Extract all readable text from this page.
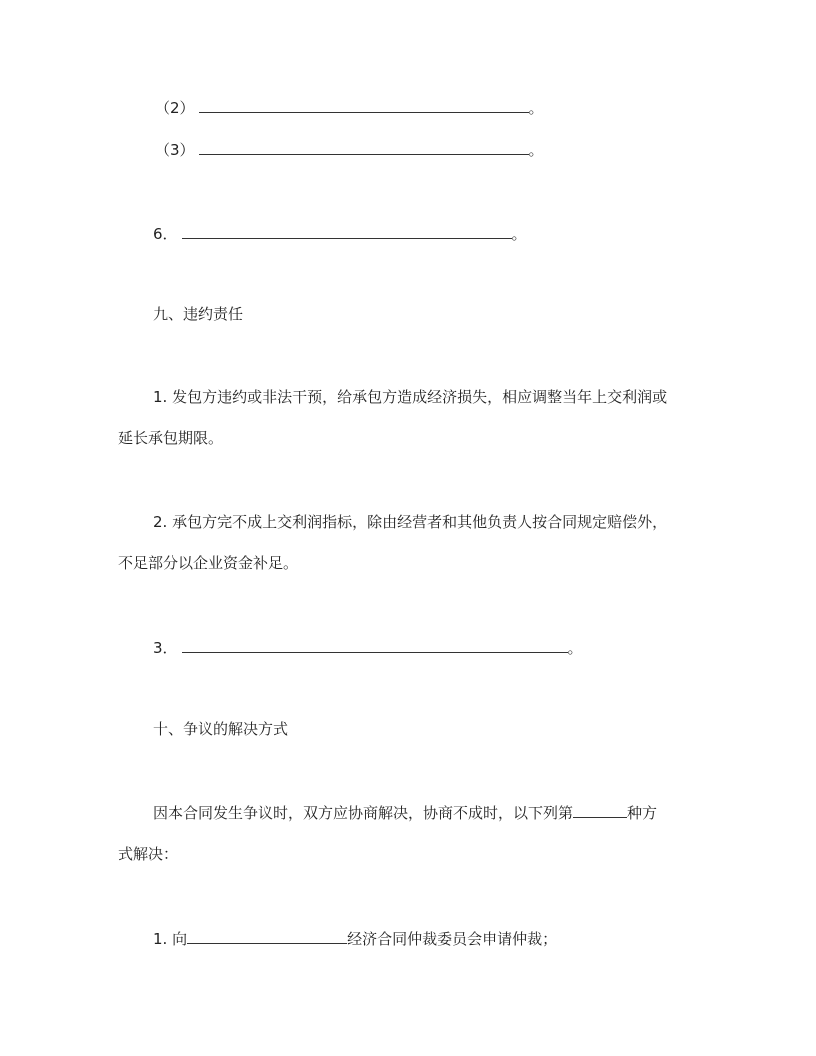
（2）	。
（3）	。
6．	。
九、违约责任
1. 发包方违约或非法干预，给承包方造成经济损失，相应调整当年上交利润或
延长承包期限。
2. 承包方完不成上交利润指标，除由经营者和其他负责人按合同规定赔偿外，
不足部分以企业资金补足。
3．	。
十、争议的解决方式
因本合同发生争议时，双方应协商解决，协商不成时，以下列第	种方
式解决：
1. 向	经济合同仲裁委员会申请仲裁；
